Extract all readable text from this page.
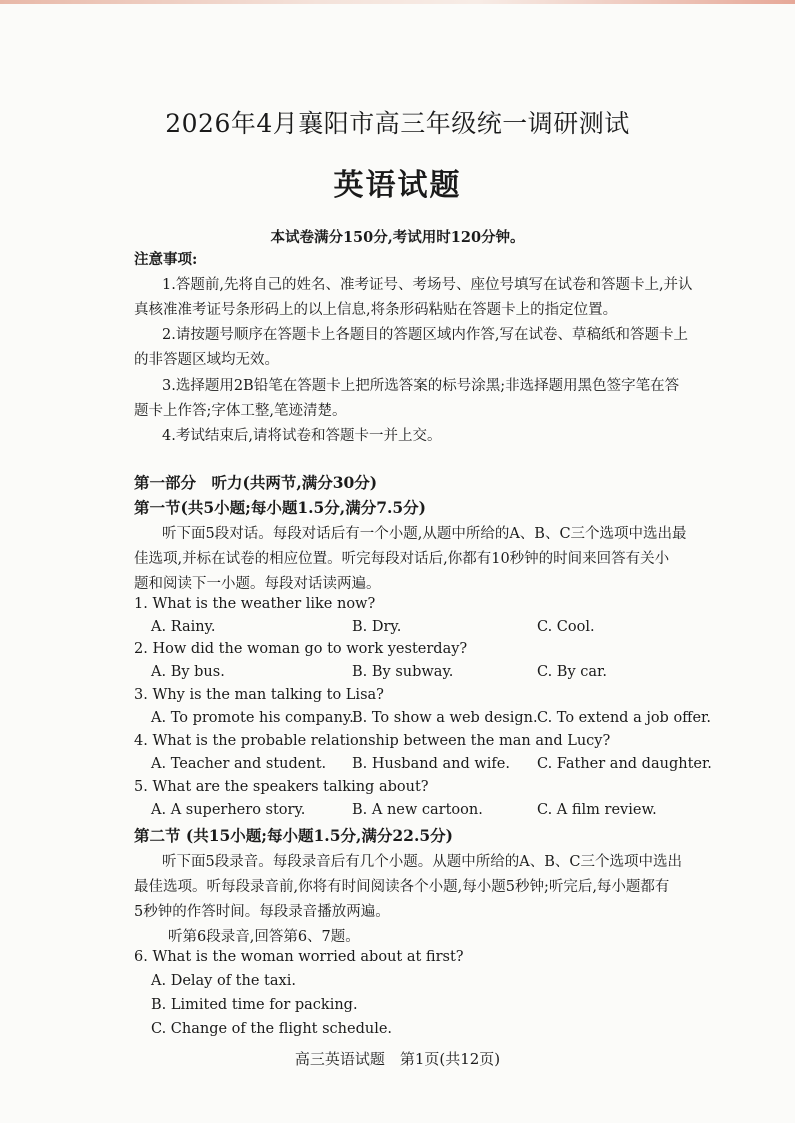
2026年4月襄阳市高三年级统一调研测试
英语试题
本试卷满分150分,考试用时120分钟。
注意事项:
1.答题前,先将自己的姓名、准考证号、考场号、座位号填写在试卷和答题卡上,并认
真核准准考证号条形码上的以上信息,将条形码粘贴在答题卡上的指定位置。
2.请按题号顺序在答题卡上各题目的答题区域内作答,写在试卷、草稿纸和答题卡上
的非答题区域均无效。
3.选择题用2B铅笔在答题卡上把所选答案的标号涂黑;非选择题用黑色签字笔在答
题卡上作答;字体工整,笔迹清楚。
4.考试结束后,请将试卷和答题卡一并上交。
第一部分　听力(共两节,满分30分)
第一节(共5小题;每小题1.5分,满分7.5分)
听下面5段对话。每段对话后有一个小题,从题中所给的A、B、C三个选项中选出最
佳选项,并标在试卷的相应位置。听完每段对话后,你都有10秒钟的时间来回答有关小
题和阅读下一小题。每段对话读两遍。
1. What is the weather like now?
A. Rainy.	B. Dry.	C. Cool.
2. How did the woman go to work yesterday?
A. By bus.	B. By subway.	C. By car.
3. Why is the man talking to Lisa?
A. To promote his company.
B. To show a web design. C. To extend a job offer.
4. What is the probable relationship between the man and Lucy?
A. Teacher and student. B. Husband and wife. C. Father and daughter.
5. What are the speakers talking about?
A. A superhero story.	B. A new cartoon.	C. A film review.
第二节 (共15小题;每小题1.5分,满分22.5分)
听下面5段录音。每段录音后有几个小题。从题中所给的A、B、C三个选项中选出
最佳选项。听每段录音前,你将有时间阅读各个小题,每小题5秒钟;听完后,每小题都有
5秒钟的作答时间。每段录音播放两遍。
听第6段录音,回答第6、7题。
6. What is the woman worried about at first?
A. Delay of the taxi.
B. Limited time for packing.
C. Change of the flight schedule.
高三英语试题　第1页(共12页)
